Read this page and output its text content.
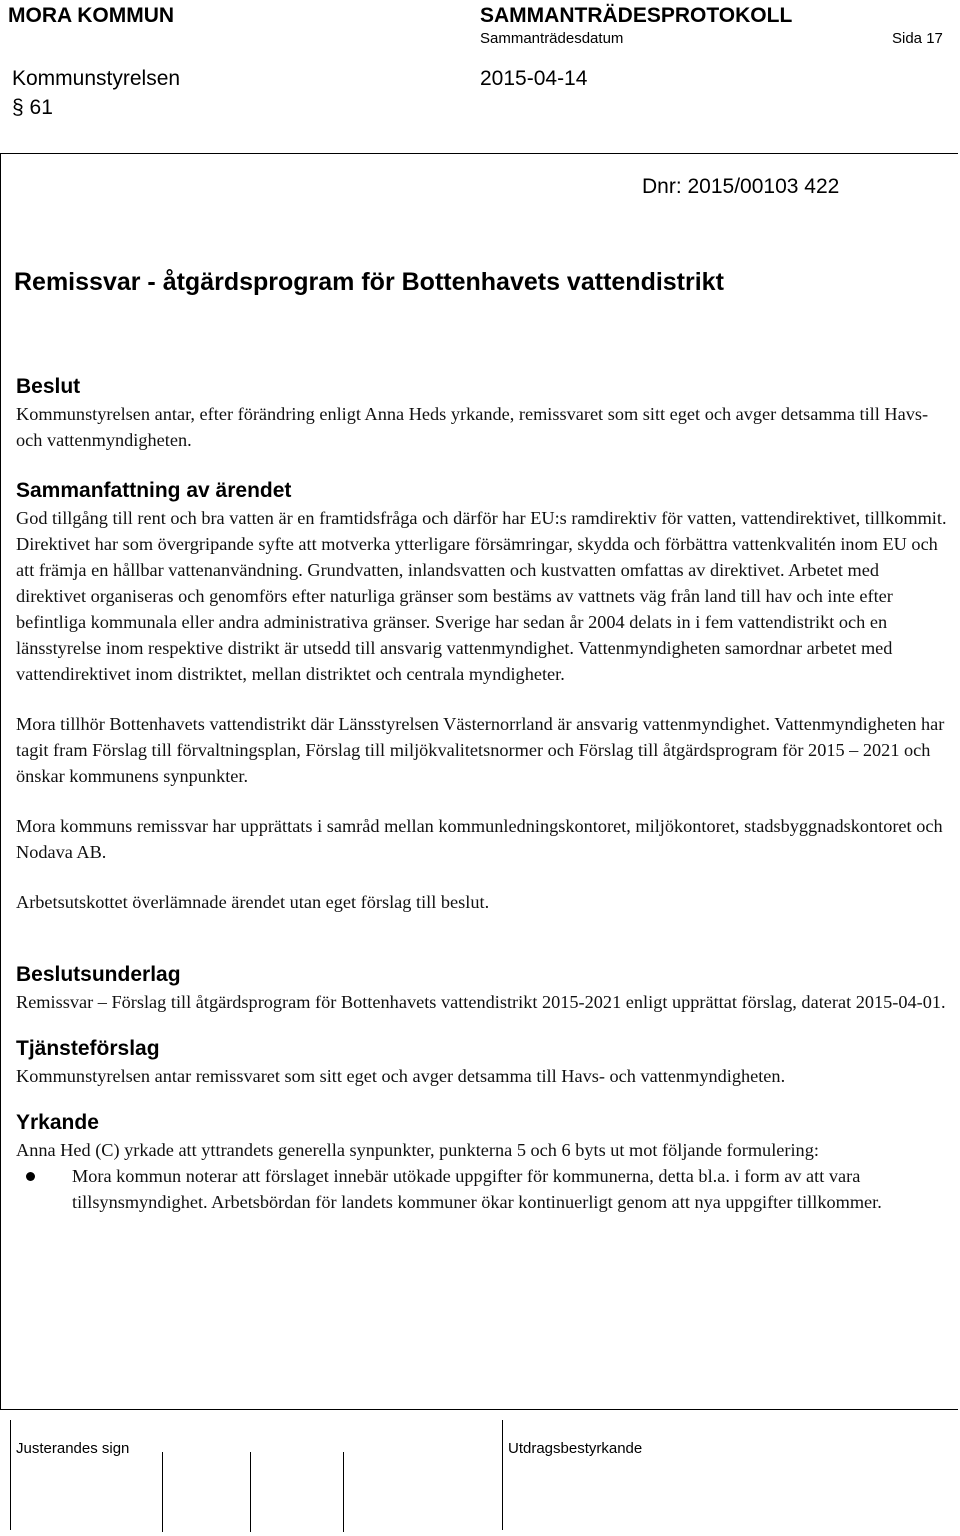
MORA KOMMUN	SAMMANTRÄDESPROTOKOLL
Sammanträdesdatum	Sida 17
Kommunstyrelsen	2015-04-14
§ 61
Dnr: 2015/00103 422
Remissvar - åtgärdsprogram för Bottenhavets vattendistrikt
Beslut

Kommunstyrelsen antar, efter förändring enligt Anna Heds yrkande, remissvaret som sitt eget och avger detsamma till Havs- och vattenmyndigheten.

Sammanfattning av ärendet

God tillgång till rent och bra vatten är en framtidsfråga och därför har EU:s ramdirektiv för vatten, vattendirektivet, tillkommit. Direktivet har som övergripande syfte att motverka ytterligare försämringar, skydda och förbättra vattenkvalitén inom EU och att främja en hållbar vattenanvändning. Grundvatten, inlandsvatten och kustvatten omfattas av direktivet. Arbetet med direktivet organiseras och genomförs efter naturliga gränser som bestäms av vattnets väg från land till hav och inte efter befintliga kommunala eller andra administrativa gränser. Sverige har sedan år 2004 delats in i fem vattendistrikt och en länsstyrelse inom respektive distrikt är utsedd till ansvarig vattenmyndighet. Vattenmyndigheten samordnar arbetet med vattendirektivet inom distriktet, mellan distriktet och centrala myndigheter.

Mora tillhör Bottenhavets vattendistrikt där Länsstyrelsen Västernorrland är ansvarig vattenmyndighet. Vattenmyndigheten har tagit fram Förslag till förvaltningsplan, Förslag till miljökvalitetsnormer och Förslag till åtgärdsprogram för 2015 – 2021 och önskar kommunens synpunkter.

Mora kommuns remissvar har upprättats i samråd mellan kommunledningskontoret, miljökontoret, stadsbyggnadskontoret och Nodava AB.

Arbetsutskottet överlämnade ärendet utan eget förslag till beslut.

Beslutsunderlag

Remissvar – Förslag till åtgärdsprogram för Bottenhavets vattendistrikt 2015-2021 enligt upprättat förslag, daterat 2015-04-01.

Tjänsteförslag

Kommunstyrelsen antar remissvaret som sitt eget och avger detsamma till Havs- och vattenmyndigheten.

Yrkande

Anna Hed (C) yrkade att yttrandets generella synpunkter, punkterna 5 och 6 byts ut mot följande formulering:

Mora kommun noterar att förslaget innebär utökade uppgifter för kommunerna, detta bl.a. i form av att vara tillsynsmyndighet. Arbetsbördan för landets kommuner ökar kontinuerligt genom att nya uppgifter tillkommer.

Justerandes sign	Utdragsbestyrkande
